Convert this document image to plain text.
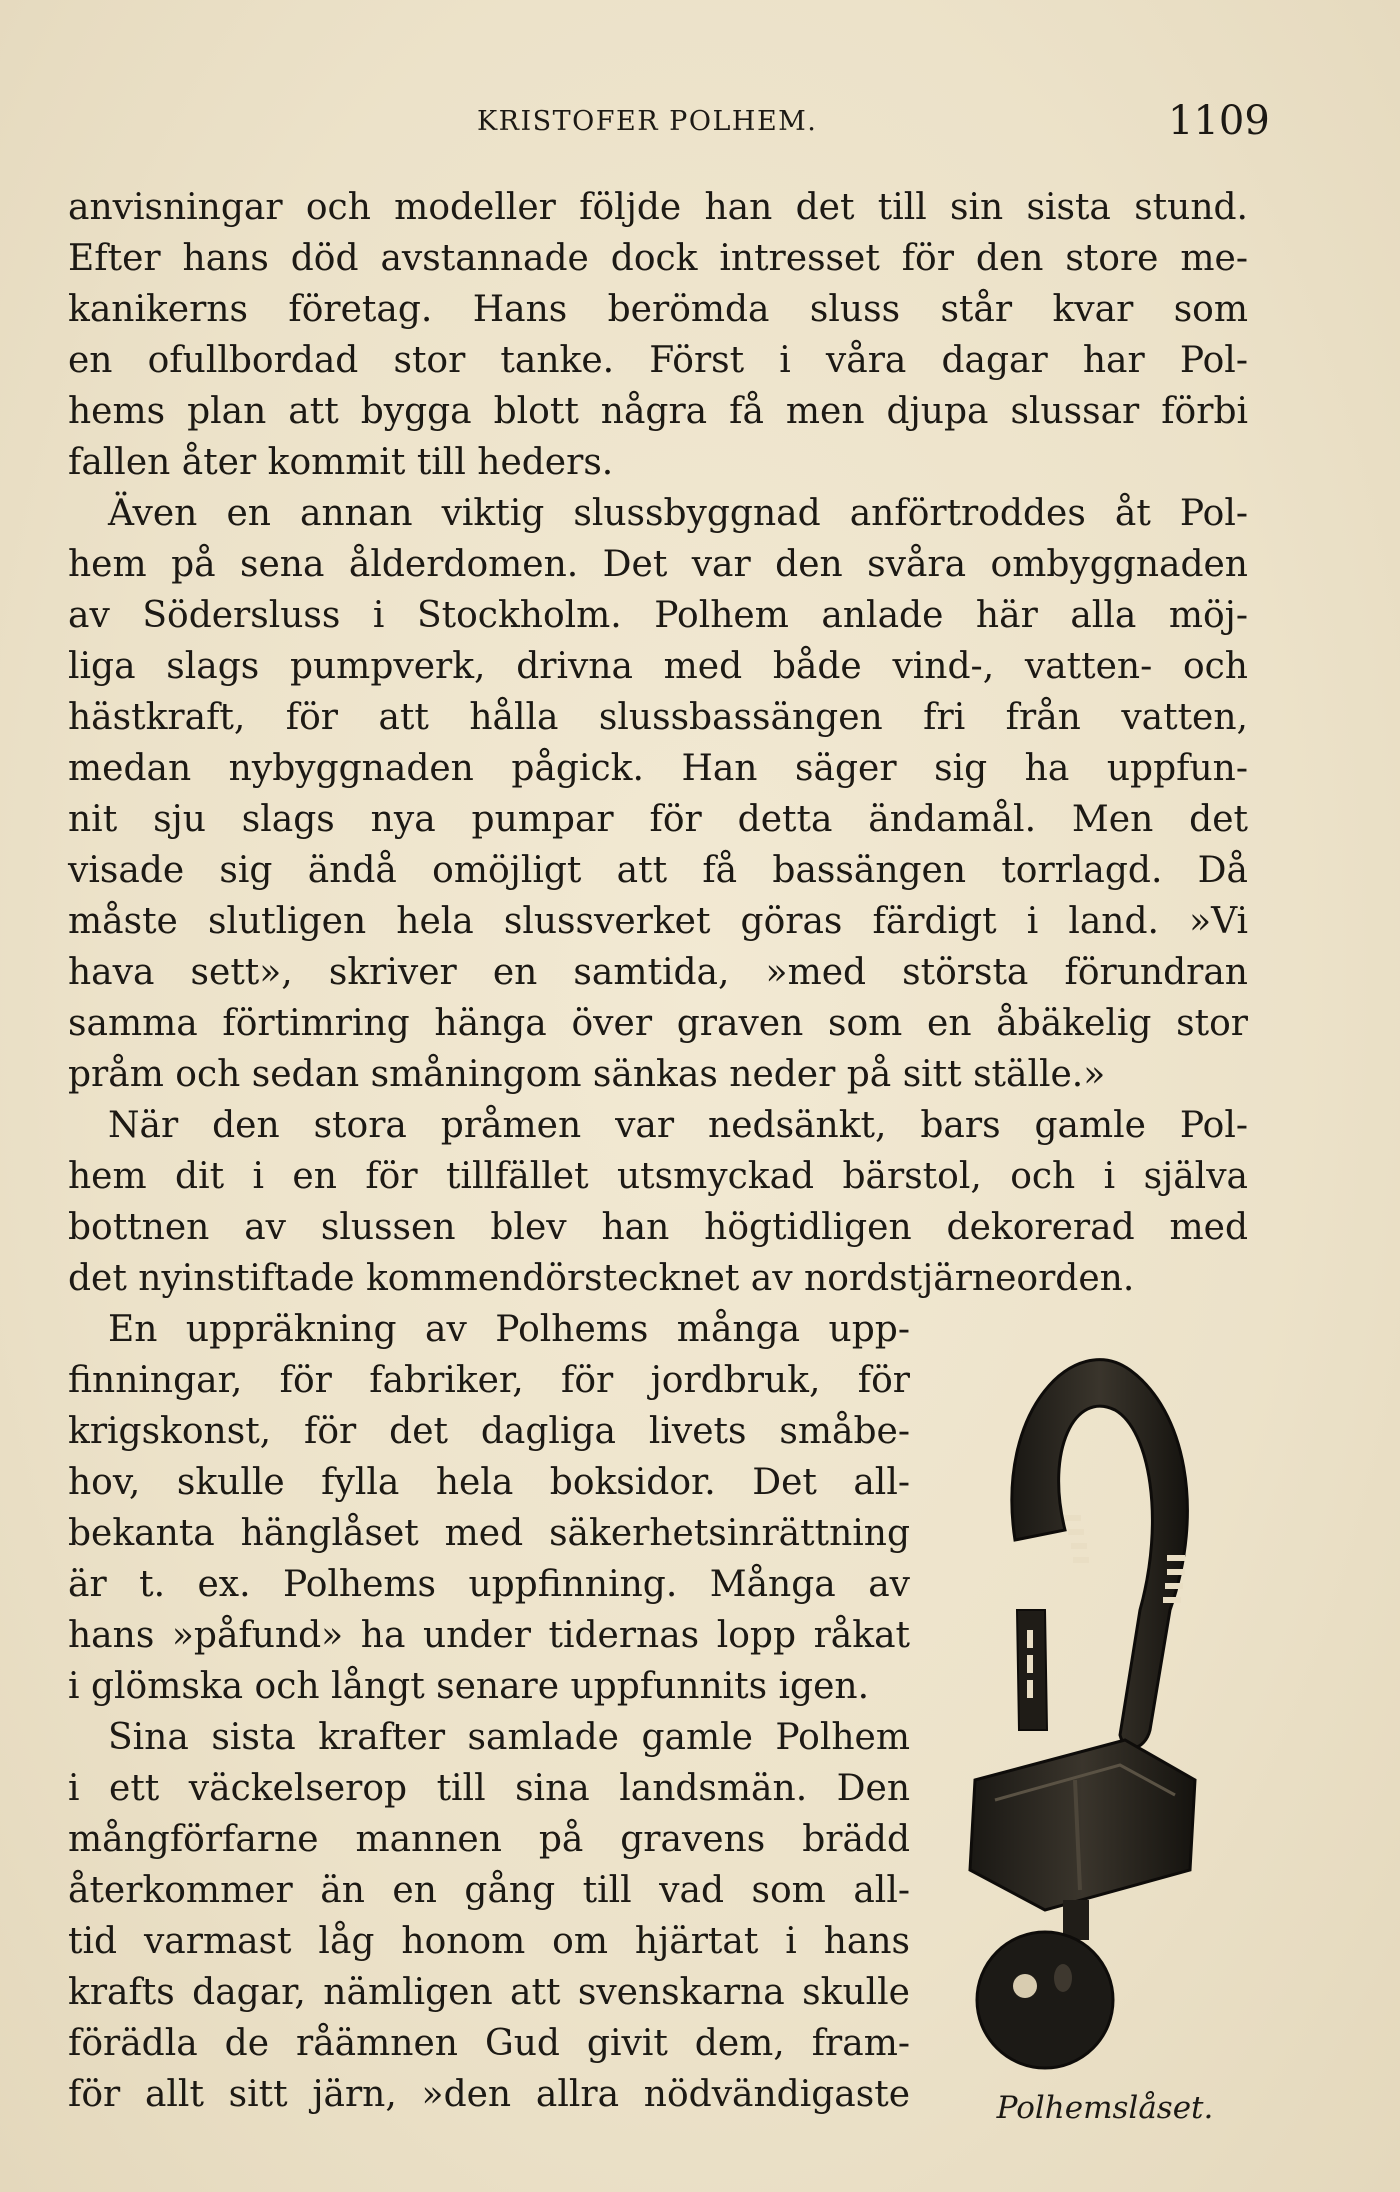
KRISTOFER POLHEM.	1109
anvisningar och modeller följde han det till sin sista stund.
Efter hans död avstannade dock intresset för den store me-
kanikerns företag. Hans berömda sluss står kvar som
en ofullbordad stor tanke. Först i våra dagar har Pol-
hems plan att bygga blott några få men djupa slussar förbi
fallen åter kommit till heders.
Även en annan viktig slussbyggnad anförtroddes åt Pol-
hem på sena ålderdomen. Det var den svåra ombyggnaden
av Södersluss i Stockholm. Polhem anlade här alla möj-
liga slags pumpverk, drivna med både vind-, vatten- och
hästkraft, för att hålla slussbassängen fri från vatten,
medan nybyggnaden pågick. Han säger sig ha uppfun-
nit sju slags nya pumpar för detta ändamål. Men det
visade sig ändå omöjligt att få bassängen torrlagd. Då
måste slutligen hela slussverket göras färdigt i land. »Vi
hava sett», skriver en samtida, »med största förundran
samma förtimring hänga över graven som en åbäkelig stor
pråm och sedan småningom sänkas neder på sitt ställe.»
När den stora pråmen var nedsänkt, bars gamle Pol-
hem dit i en för tillfället utsmyckad bärstol, och i själva
bottnen av slussen blev han högtidligen dekorerad med
det nyinstiftade kommendörstecknet av nordstjärneorden.
En uppräkning av Polhems många upp-
finningar, för fabriker, för jordbruk, för
krigskonst, för det dagliga livets småbe-
hov, skulle fylla hela boksidor. Det all-
bekanta hänglåset med säkerhetsinrättning
är t. ex. Polhems uppfinning. Många av
hans »påfund» ha under tidernas lopp råkat
i glömska och långt senare uppfunnits igen.
Sina sista krafter samlade gamle Polhem
i ett väckelserop till sina landsmän. Den
mångförfarne mannen på gravens brädd
återkommer än en gång till vad som all-
tid varmast låg honom om hjärtat i hans
krafts dagar, nämligen att svenskarna skulle
förädla de råämnen Gud givit dem, fram-
för allt sitt järn, »den allra nödvändigaste	Polhemslåset.
